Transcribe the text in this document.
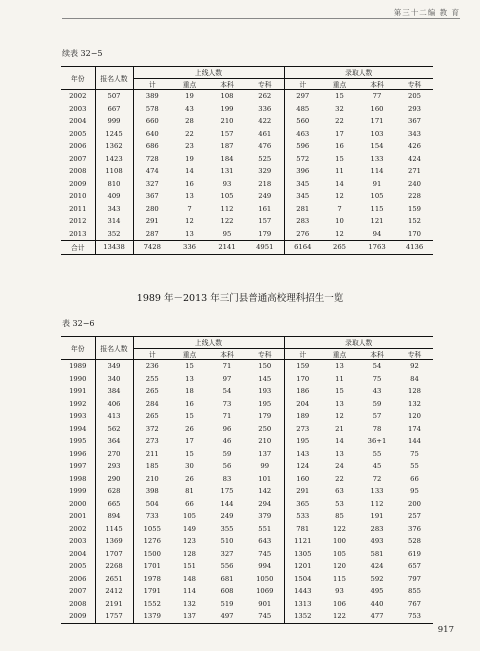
第三十二编 教 育
续表 32−5
年份	报名人数	上线人数				录取人数			
		计	重点	本科	专科	计	重点	本科	专科
2002	507	389	19	108	262	297	15	77	205
2003	667	578	43	199	336	485	32	160	293
2004	999	660	28	210	422	560	22	171	367
2005	1245	640	22	157	461	463	17	103	343
2006	1362	686	23	187	476	596	16	154	426
2007	1423	728	19	184	525	572	15	133	424
2008	1108	474	14	131	329	396	11	114	271
2009	810	327	16	93	218	345	14	91	240
2010	409	367	13	105	249	345	12	105	228
2011	343	280	7	112	161	281	7	115	159
2012	314	291	12	122	157	283	10	121	152
2013	352	287	13	95	179	276	12	94	170
合计	13438	7428	336	2141	4951	6164	265	1763	4136
1989 年－2013 年三门县普通高校理科招生一览
表 32−6
年份	报名人数	上线人数				录取人数			
		计	重点	本科	专科	计	重点	本科	专科
1989	349	236	15	71	150	159	13	54	92
1990	340	255	13	97	145	170	11	75	84
1991	384	265	18	54	193	186	15	43	128
1992	406	284	16	73	195	204	13	59	132
1993	413	265	15	71	179	189	12	57	120
1994	562	372	26	96	250	273	21	78	174
1995	364	273	17	46	210	195	14	36+1	144
1996	270	211	15	59	137	143	13	55	75
1997	293	185	30	56	99	124	24	45	55
1998	290	210	26	83	101	160	22	72	66
1999	628	398	81	175	142	291	63	133	95
2000	665	504	66	144	294	365	53	112	200
2001	894	733	105	249	379	533	85	191	257
2002	1145	1055	149	355	551	781	122	283	376
2003	1369	1276	123	510	643	1121	100	493	528
2004	1707	1500	128	327	745	1305	105	581	619
2005	2268	1701	151	556	994	1201	120	424	657
2006	2651	1978	148	681	1050	1504	115	592	797
2007	2412	1791	114	608	1069	1443	93	495	855
2008	2191	1552	132	519	901	1313	106	440	767
2009	1757	1379	137	497	745	1352	122	477	753
917
